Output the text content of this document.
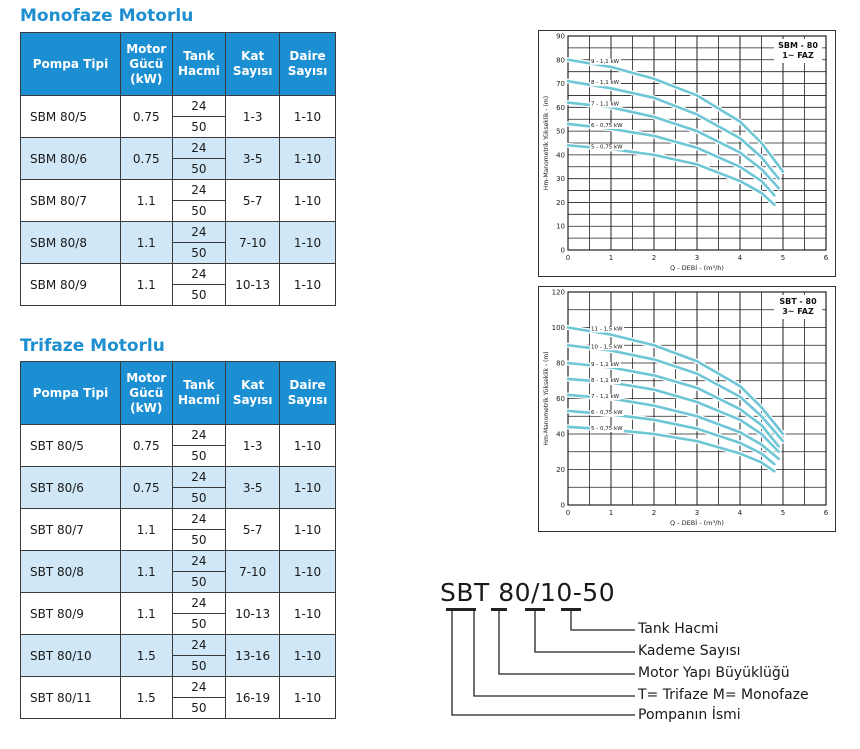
Monofaze Motorlu
Pompa Tipi	Motor Gücü (kW)	Tank Hacmi	Kat Sayısı	Daire Sayısı
SBM 80/5	0.75	24	1-3	1-10
		50		
SBM 80/6	0.75	24	3-5	1-10
		50		
SBM 80/7	1.1	24	5-7	1-10
		50		
SBM 80/8	1.1	24	7-10	1-10
		50		
SBM 80/9	1.1	24	10-13	1-10
		50		
Trifaze Motorlu
Pompa Tipi	Motor Gücü (kW)	Tank Hacmi	Kat Sayısı	Daire Sayısı
SBT 80/5	0.75	24	1-3	1-10
		50		
SBT 80/6	0.75	24	3-5	1-10
		50		
SBT 80/7	1.1	24	5-7	1-10
		50		
SBT 80/8	1.1	24	7-10	1-10
		50		
SBT 80/9	1.1	24	10-13	1-10
		50		
SBT 80/10	1.5	24	13-16	1-10
		50		
SBT 80/11	1.5	24	16-19	1-10
		50		
0	1	2	3	4	5	6
0
10
20
30
40
50
60
70
80
90
Q - DEBİ - (m³/h)
Hm-Manometrik Yükseklik - (m)
SBM - 80
1~ FAZ
9 - 1,1 kW
8 - 1,1 kW
7 - 1,1 kW
6 - 0,75 kW
5 - 0,75 kW
0	1	2	3	4	5	6
0
20
40
60
80
100
120
Q - DEBİ - (m³/h)
Hm-Manometrik Yükseklik - (m)
SBT - 80
3~ FAZ
11 - 1,5 kW
10 - 1,5 kW
9 - 1,1 kW
8 - 1,1 kW
7 - 1,1 kW
6 - 0,75 kW
5 - 0,75 kW
SBT 80/10-50
Tank Hacmi
Kademe Sayısı
Motor Yapı Büyüklüğü
T= Trifaze M= Monofaze
Pompanın İsmi
